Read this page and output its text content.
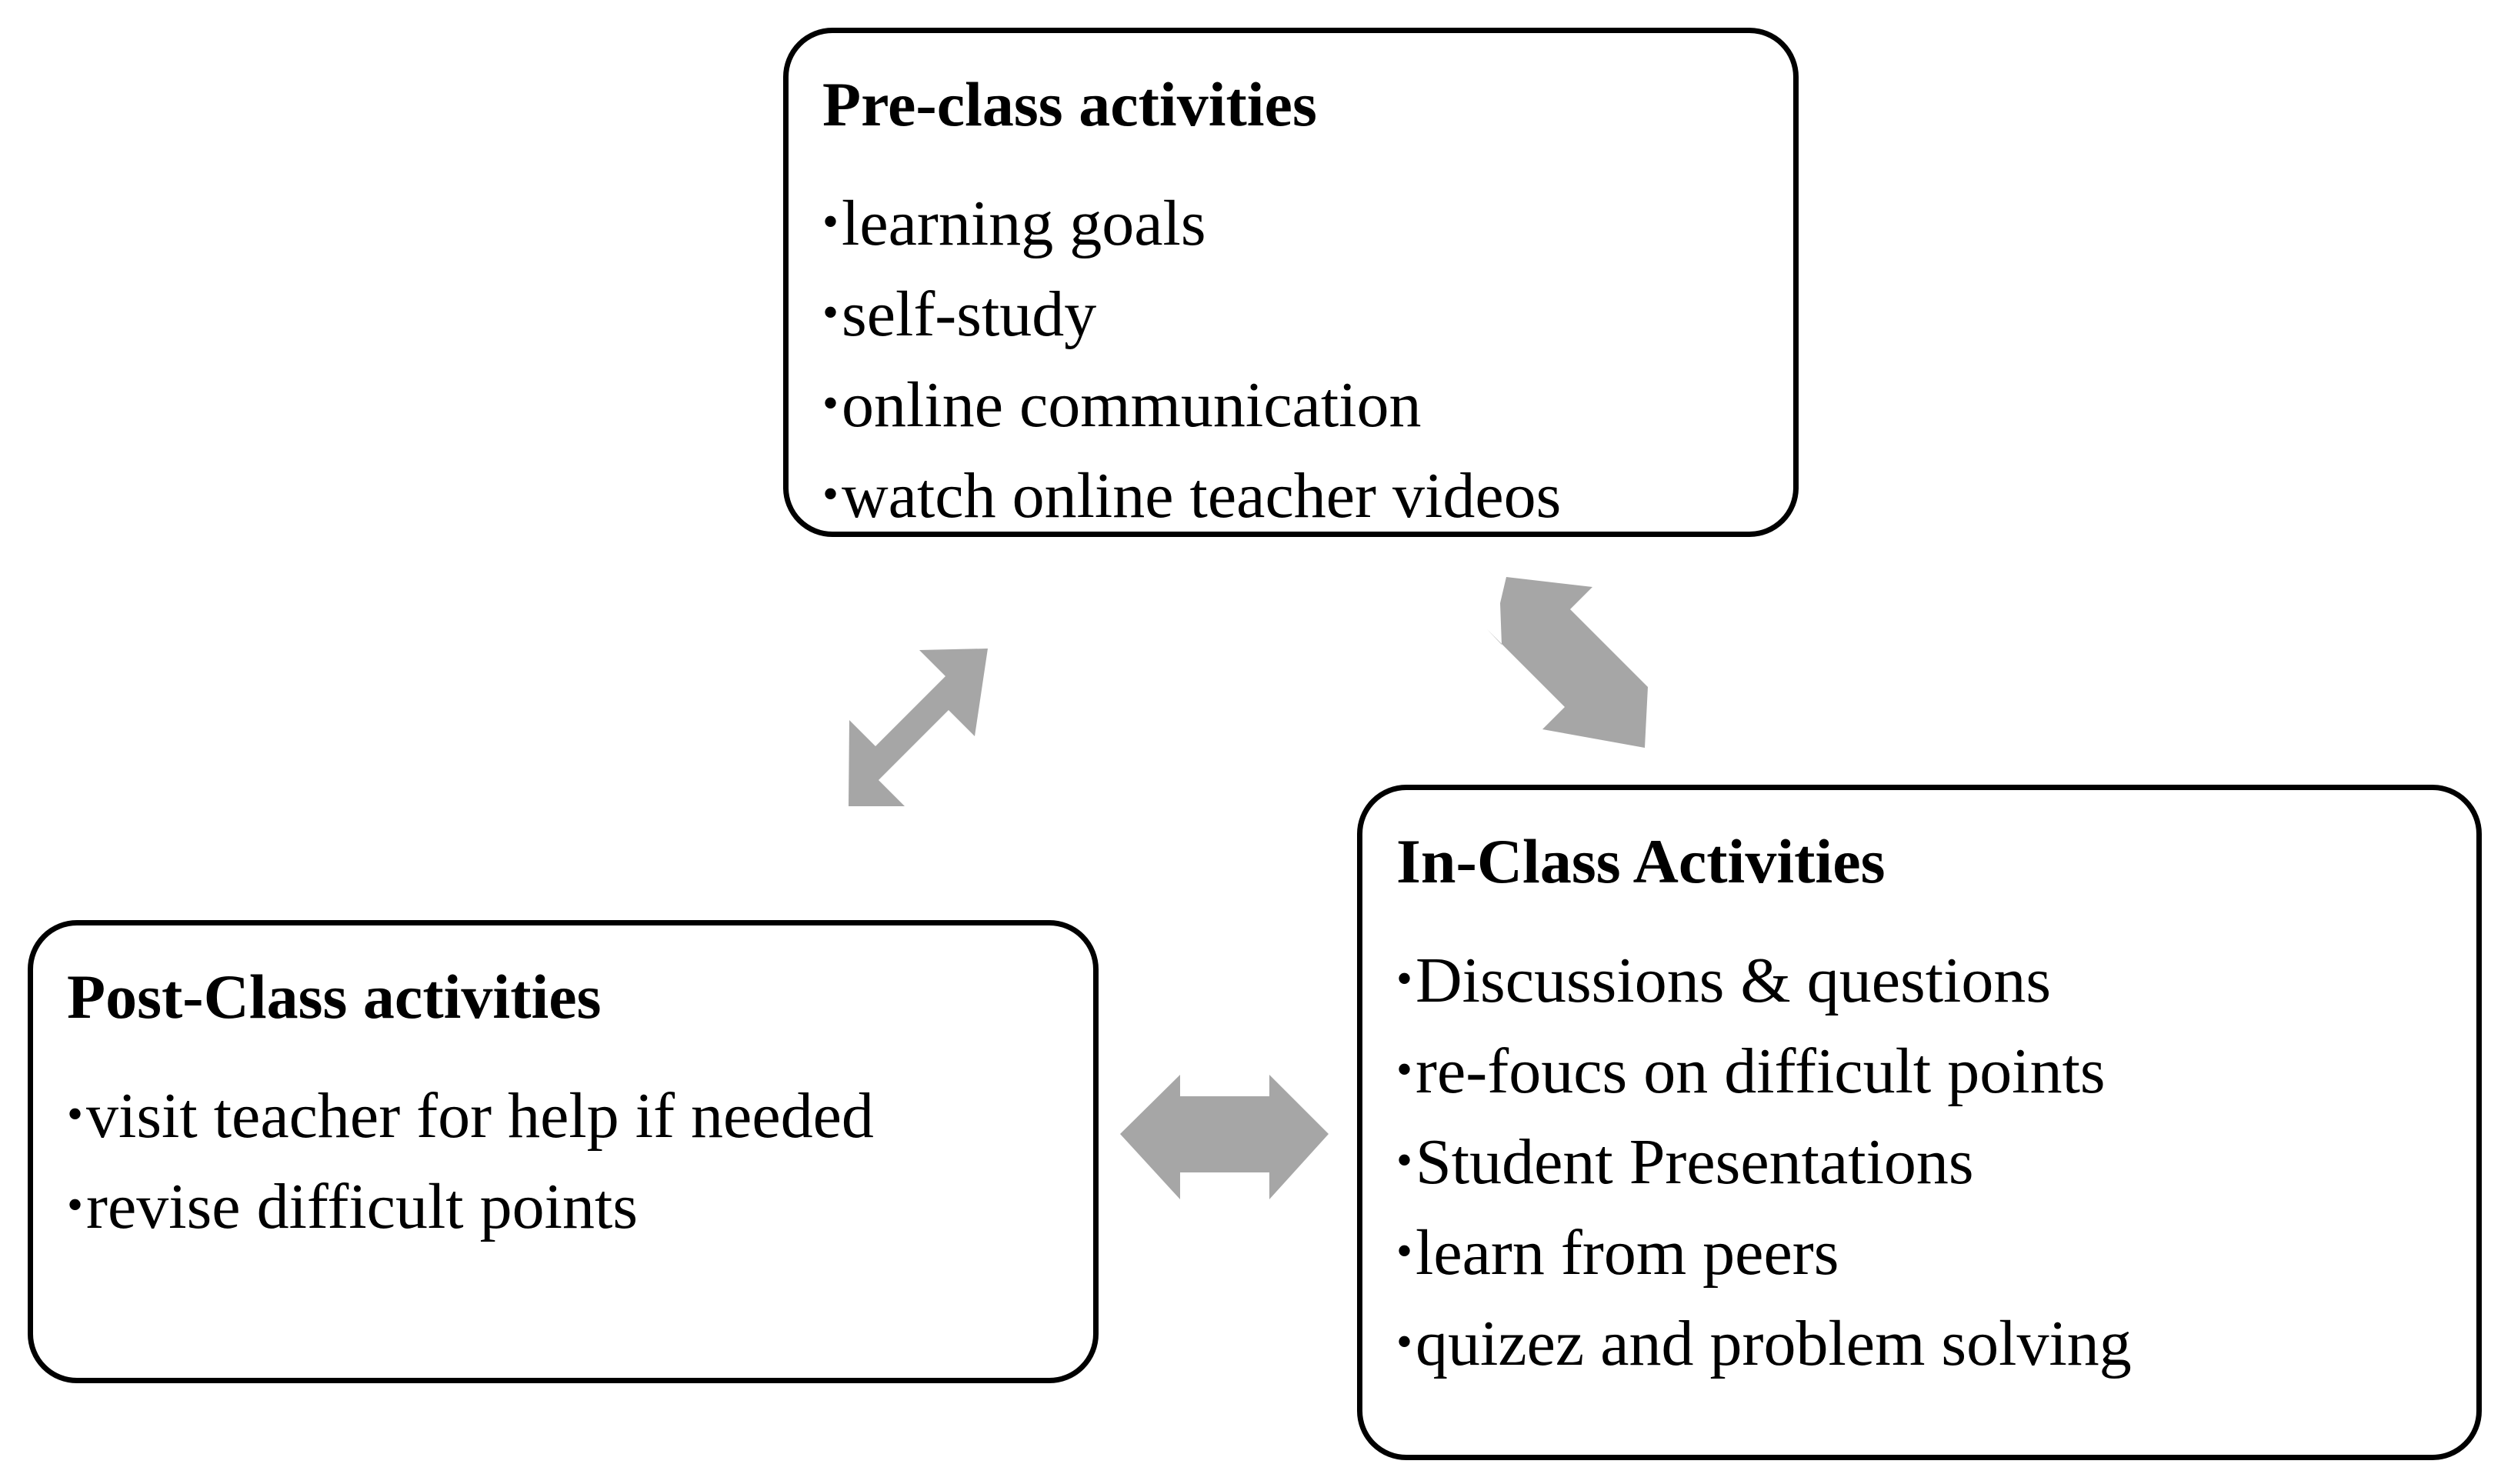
Pre-class activities
•learning goals
•self-study
•online communication
•watch online teacher videos
In-Class Activities
•Discussions & questions
•re-foucs on difficult points
•Student Presentations
•learn from peers
•quizez and problem solving
Post-Class activities
•visit teacher for help if needed
•revise difficult points
